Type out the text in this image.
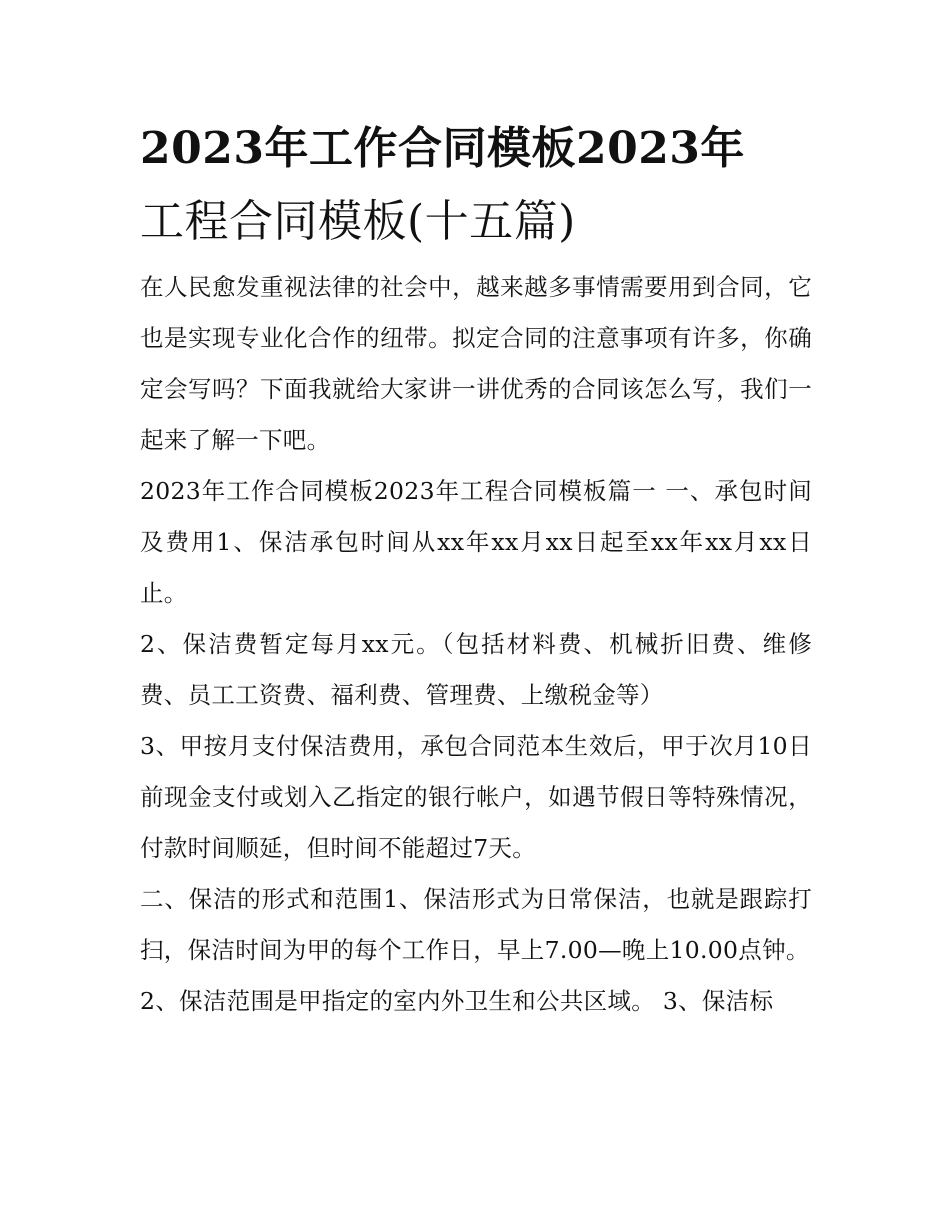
2023年工作合同模板2023年
工程合同模板(十五篇)

在人民愈发重视法律的社会中，越来越多事情需要用到合同，它也是实现专业化合作的纽带。拟定合同的注意事项有许多，你确定会写吗？下面我就给大家讲一讲优秀的合同该怎么写，我们一起来了解一下吧。

2023年工作合同模板2023年工程合同模板篇一 一、承包时间及费用1、保洁承包时间从xx年xx月xx日起至xx年xx月xx日止。

2、保洁费暂定每月xx元。（包括材料费、机械折旧费、维修费、员工工资费、福利费、管理费、上缴税金等）

3、甲按月支付保洁费用，承包合同范本生效后，甲于次月10日前现金支付或划入乙指定的银行帐户，如遇节假日等特殊情况，付款时间顺延，但时间不能超过7天。

二、保洁的形式和范围1、保洁形式为日常保洁，也就是跟踪打扫，保洁时间为甲的每个工作日，早上7.00—晚上10.00点钟。

2、保洁范围是甲指定的室内外卫生和公共区域。 3、保洁标
